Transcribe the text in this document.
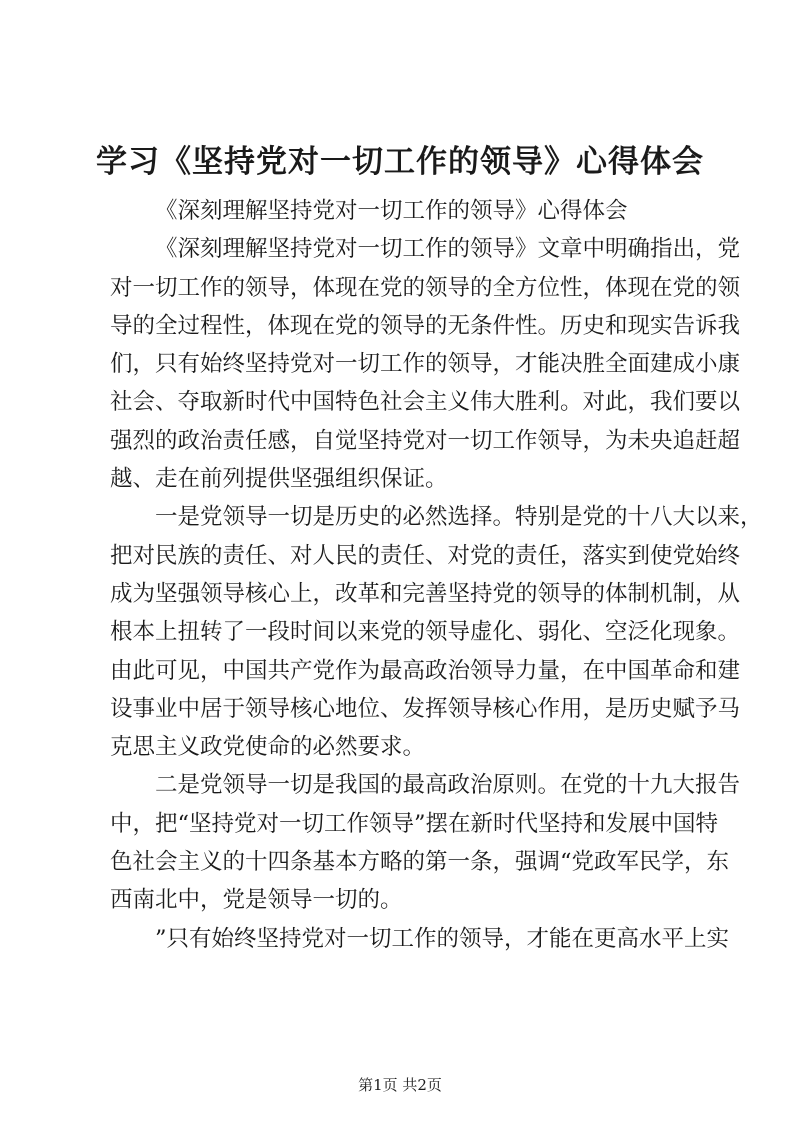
学习《坚持党对一切工作的领导》心得体会
《深刻理解坚持党对一切工作的领导》心得体会
《深刻理解坚持党对一切工作的领导》文章中明确指出，党
对一切工作的领导，体现在党的领导的全方位性，体现在党的领
导的全过程性，体现在党的领导的无条件性。历史和现实告诉我
们，只有始终坚持党对一切工作的领导，才能决胜全面建成小康
社会、夺取新时代中国特色社会主义伟大胜利。对此，我们要以
强烈的政治责任感，自觉坚持党对一切工作领导，为未央追赶超
越、走在前列提供坚强组织保证。
一是党领导一切是历史的必然选择。特别是党的十八大以来，
把对民族的责任、对人民的责任、对党的责任，落实到使党始终
成为坚强领导核心上，改革和完善坚持党的领导的体制机制，从
根本上扭转了一段时间以来党的领导虚化、弱化、空泛化现象。
由此可见，中国共产党作为最高政治领导力量，在中国革命和建
设事业中居于领导核心地位、发挥领导核心作用，是历史赋予马
克思主义政党使命的必然要求。
二是党领导一切是我国的最高政治原则。在党的十九大报告
中，把“坚持党对一切工作领导”摆在新时代坚持和发展中国特
色社会主义的十四条基本方略的第一条，强调“党政军民学，东
西南北中，党是领导一切的。
”只有始终坚持党对一切工作的领导，才能在更高水平上实
第1页 共2页
